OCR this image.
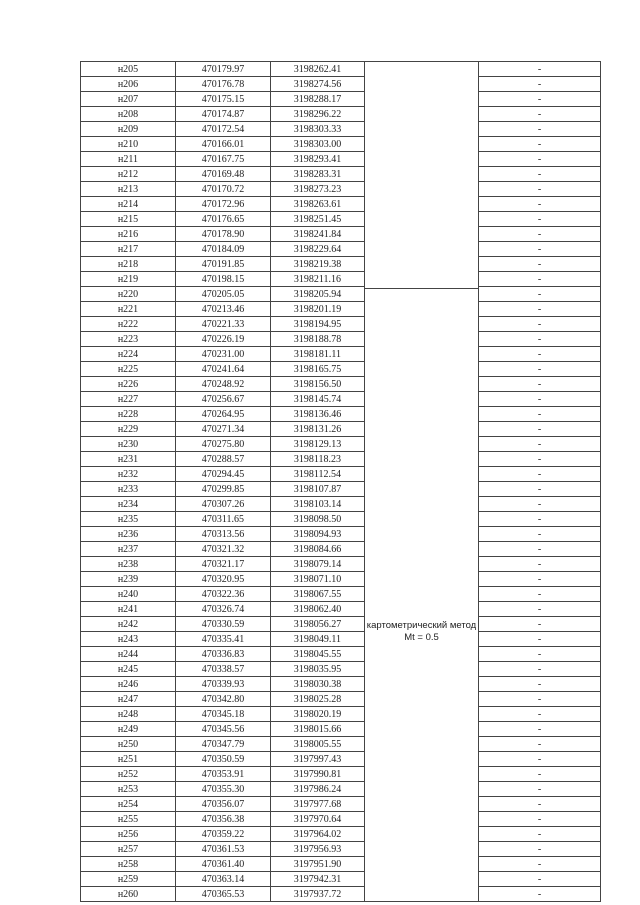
н205	470179.97	3198262.41	картометрический метод Mt = 0.5	-
н206	470176.78	3198274.56		-
н207	470175.15	3198288.17		-
н208	470174.87	3198296.22		-
н209	470172.54	3198303.33		-
н210	470166.01	3198303.00		-
н211	470167.75	3198293.41		-
н212	470169.48	3198283.31		-
н213	470170.72	3198273.23		-
н214	470172.96	3198263.61		-
н215	470176.65	3198251.45		-
н216	470178.90	3198241.84		-
н217	470184.09	3198229.64		-
н218	470191.85	3198219.38		-
н219	470198.15	3198211.16		-
н220	470205.05	3198205.94		-
н221	470213.46	3198201.19		-
н222	470221.33	3198194.95		-
н223	470226.19	3198188.78		-
н224	470231.00	3198181.11		-
н225	470241.64	3198165.75		-
н226	470248.92	3198156.50		-
н227	470256.67	3198145.74		-
н228	470264.95	3198136.46		-
н229	470271.34	3198131.26		-
н230	470275.80	3198129.13		-
н231	470288.57	3198118.23		-
н232	470294.45	3198112.54		-
н233	470299.85	3198107.87		-
н234	470307.26	3198103.14		-
н235	470311.65	3198098.50		-
н236	470313.56	3198094.93		-
н237	470321.32	3198084.66		-
н238	470321.17	3198079.14		-
н239	470320.95	3198071.10		-
н240	470322.36	3198067.55		-
н241	470326.74	3198062.40		-
н242	470330.59	3198056.27		-
н243	470335.41	3198049.11		-
н244	470336.83	3198045.55		-
н245	470338.57	3198035.95		-
н246	470339.93	3198030.38		-
н247	470342.80	3198025.28		-
н248	470345.18	3198020.19		-
н249	470345.56	3198015.66		-
н250	470347.79	3198005.55		-
н251	470350.59	3197997.43		-
н252	470353.91	3197990.81		-
н253	470355.30	3197986.24		-
н254	470356.07	3197977.68		-
н255	470356.38	3197970.64		-
н256	470359.22	3197964.02		-
н257	470361.53	3197956.93		-
н258	470361.40	3197951.90		-
н259	470363.14	3197942.31		-
н260	470365.53	3197937.72		-
